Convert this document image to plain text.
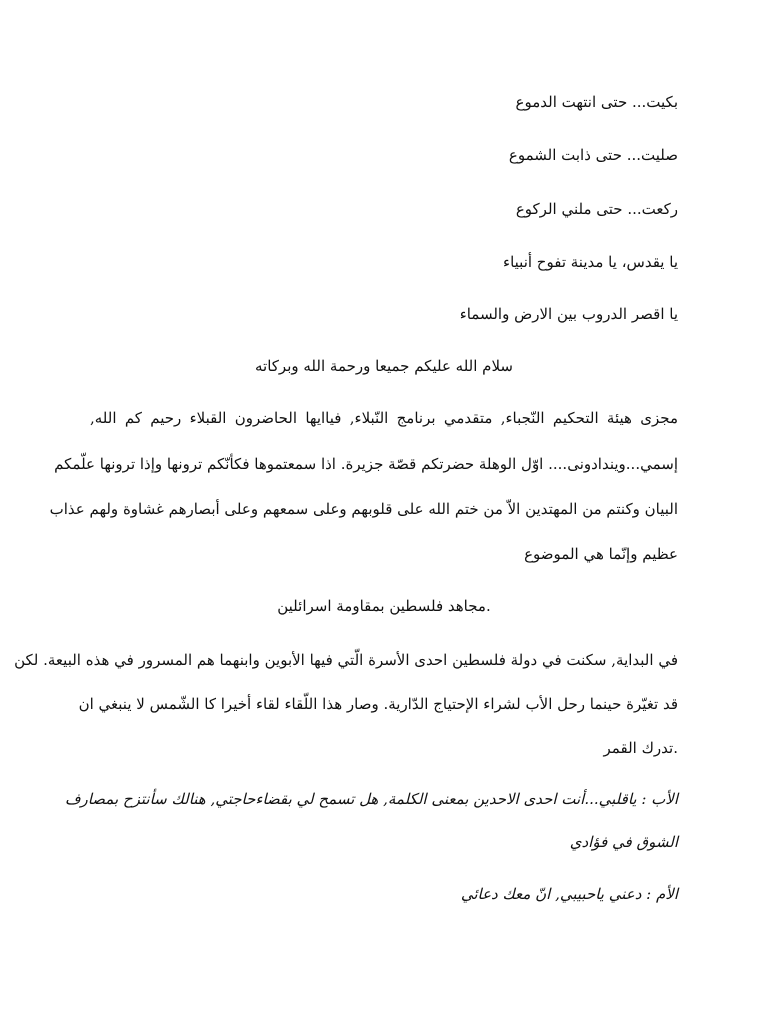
بكيت... حتى انتهت الدموع
صليت... حتى ذابت الشموع
ركعت... حتى ملني الركوع
يا يقدس، يا مدينة تفوح أنبياء
يا اقصر الدروب بين الارض والسماء
سلام الله عليكم جميعا ورحمة الله وبركاته
مجزى هيئة التحكيم النّجباء, متقدمي برنامج النّبلاء, فياايها الحاضرون القبلاء رحيم كم الله,
إسمي...ويندادونى.... اوّل الوهلة حضرتكم قصّة جزيرة. اذا سمعتموها فكأنّكم ترونها وإذا ترونها علّمكم
البيان وكنتم من المهتدين الاّ من ختم الله على قلوبهم وعلى سمعهم وعلى أبصارهم غشاوة ولهم عذاب
عظيم وإنّما هي الموضوع
.مجاهد فلسطين بمقاومة اسرائلين
في البداية, سكنت في دولة فلسطين احدى الأسرة الّتي فيها الأبوين وابنهما هم المسرور في هذه البيعة. لكن
قد تغيّرة حينما رحل الأب لشراء الإحتياج الدّارية. وصار هذا اللّقاء لقاء أخيرا كا الشّمس لا ينبغي ان
.تدرك القمر
الأب : ياقلبي...أنت احدى الاحدين بمعنى الكلمة, هل تسمح لي بقضاءحاجتي, هنالك سأنتزح بمصارف
الشوق في فؤادي
الأم : دعني ياحبيبي, انّ معك دعائي
